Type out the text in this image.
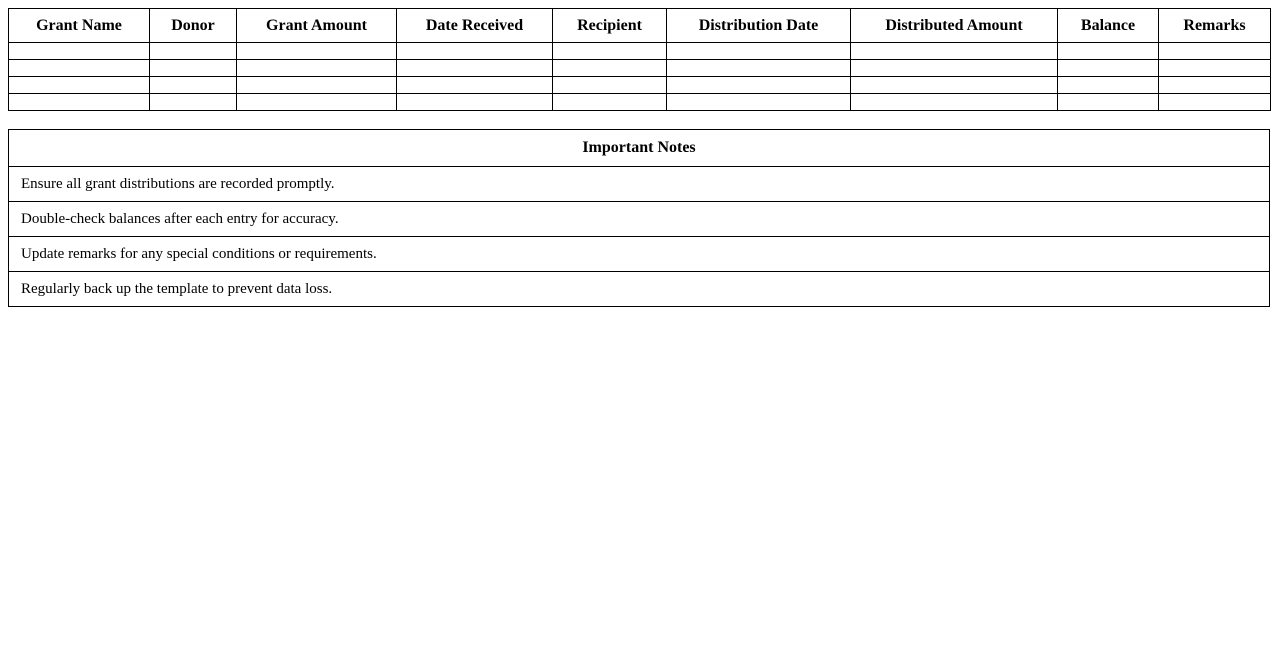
Grant Name	Donor	Grant Amount	Date Received	Recipient	Distribution Date	Distributed Amount	Balance	Remarks

Important Notes
Ensure all grant distributions are recorded promptly.
Double-check balances after each entry for accuracy.
Update remarks for any special conditions or requirements.
Regularly back up the template to prevent data loss.
